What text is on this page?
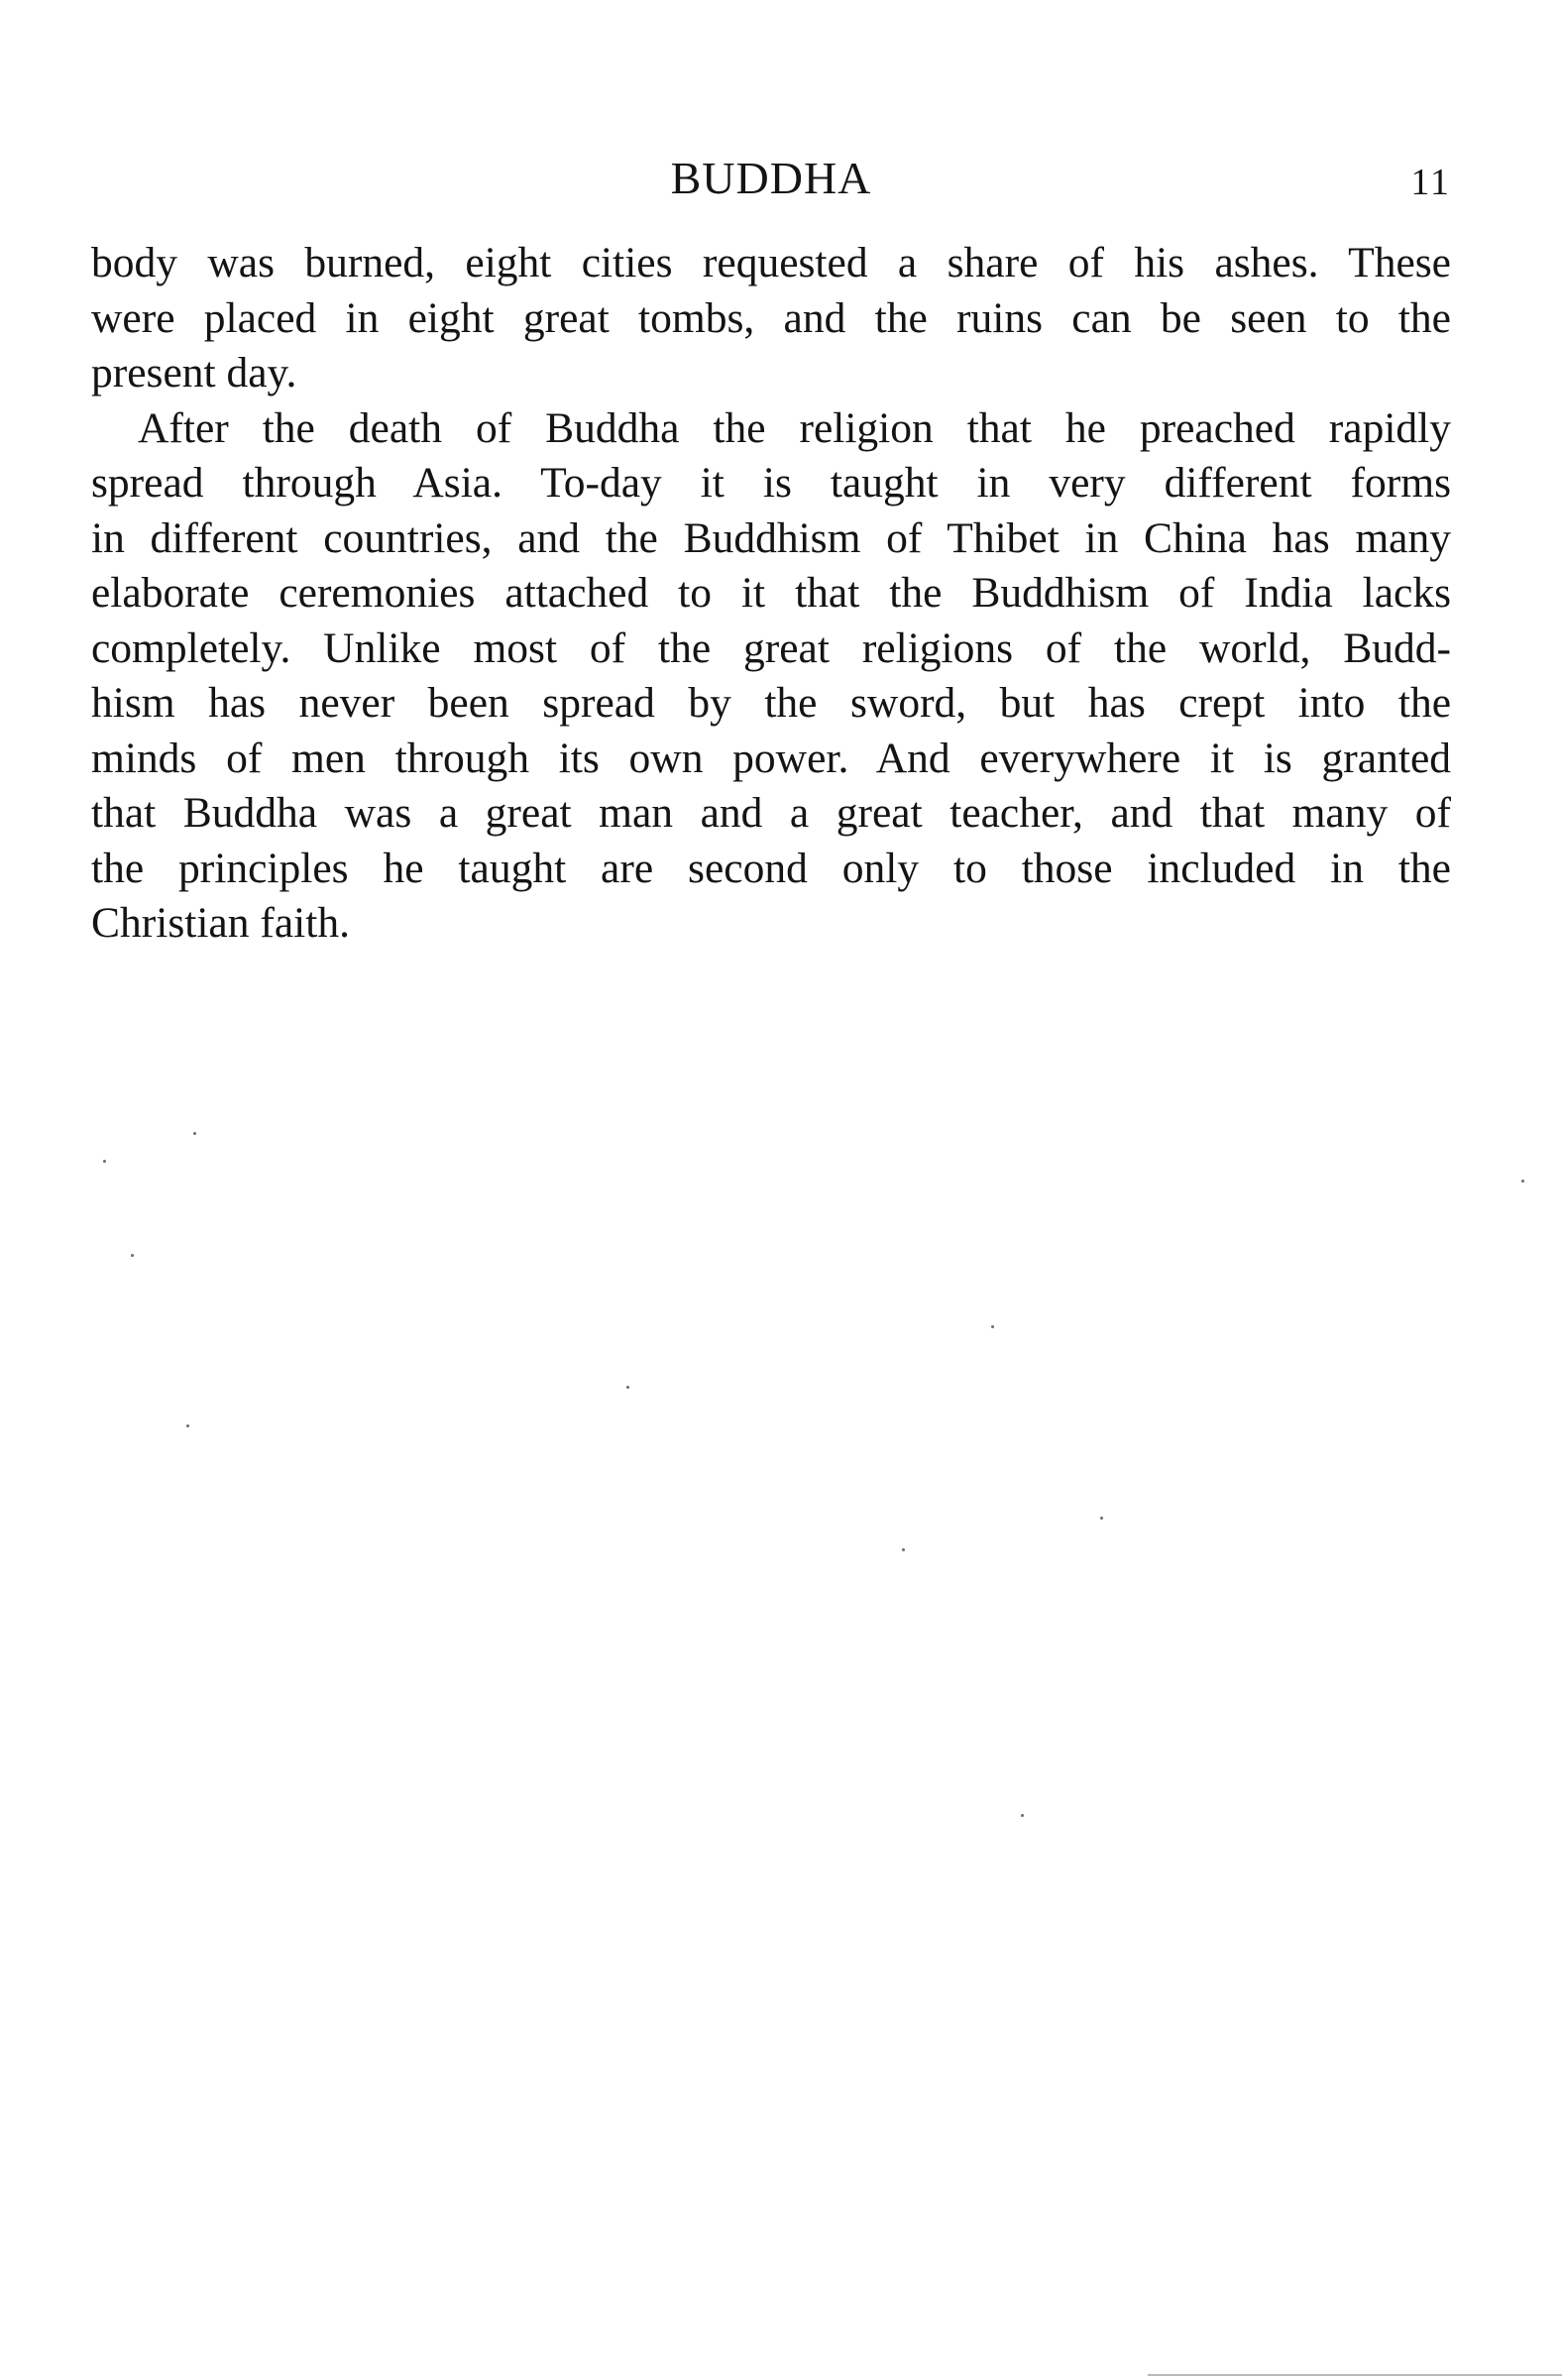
BUDDHA	11
body was burned, eight cities requested a share of his ashes. These
were placed in eight great tombs, and the ruins can be seen to the
present day.
After the death of Buddha the religion that he preached rapidly
spread through Asia. To-day it is taught in very different forms
in different countries, and the Buddhism of Thibet in China has many
elaborate ceremonies attached to it that the Buddhism of India lacks
completely. Unlike most of the great religions of the world, Budd-
hism has never been spread by the sword, but has crept into the
minds of men through its own power. And everywhere it is granted
that Buddha was a great man and a great teacher, and that many of
the principles he taught are second only to those included in the
Christian faith.
